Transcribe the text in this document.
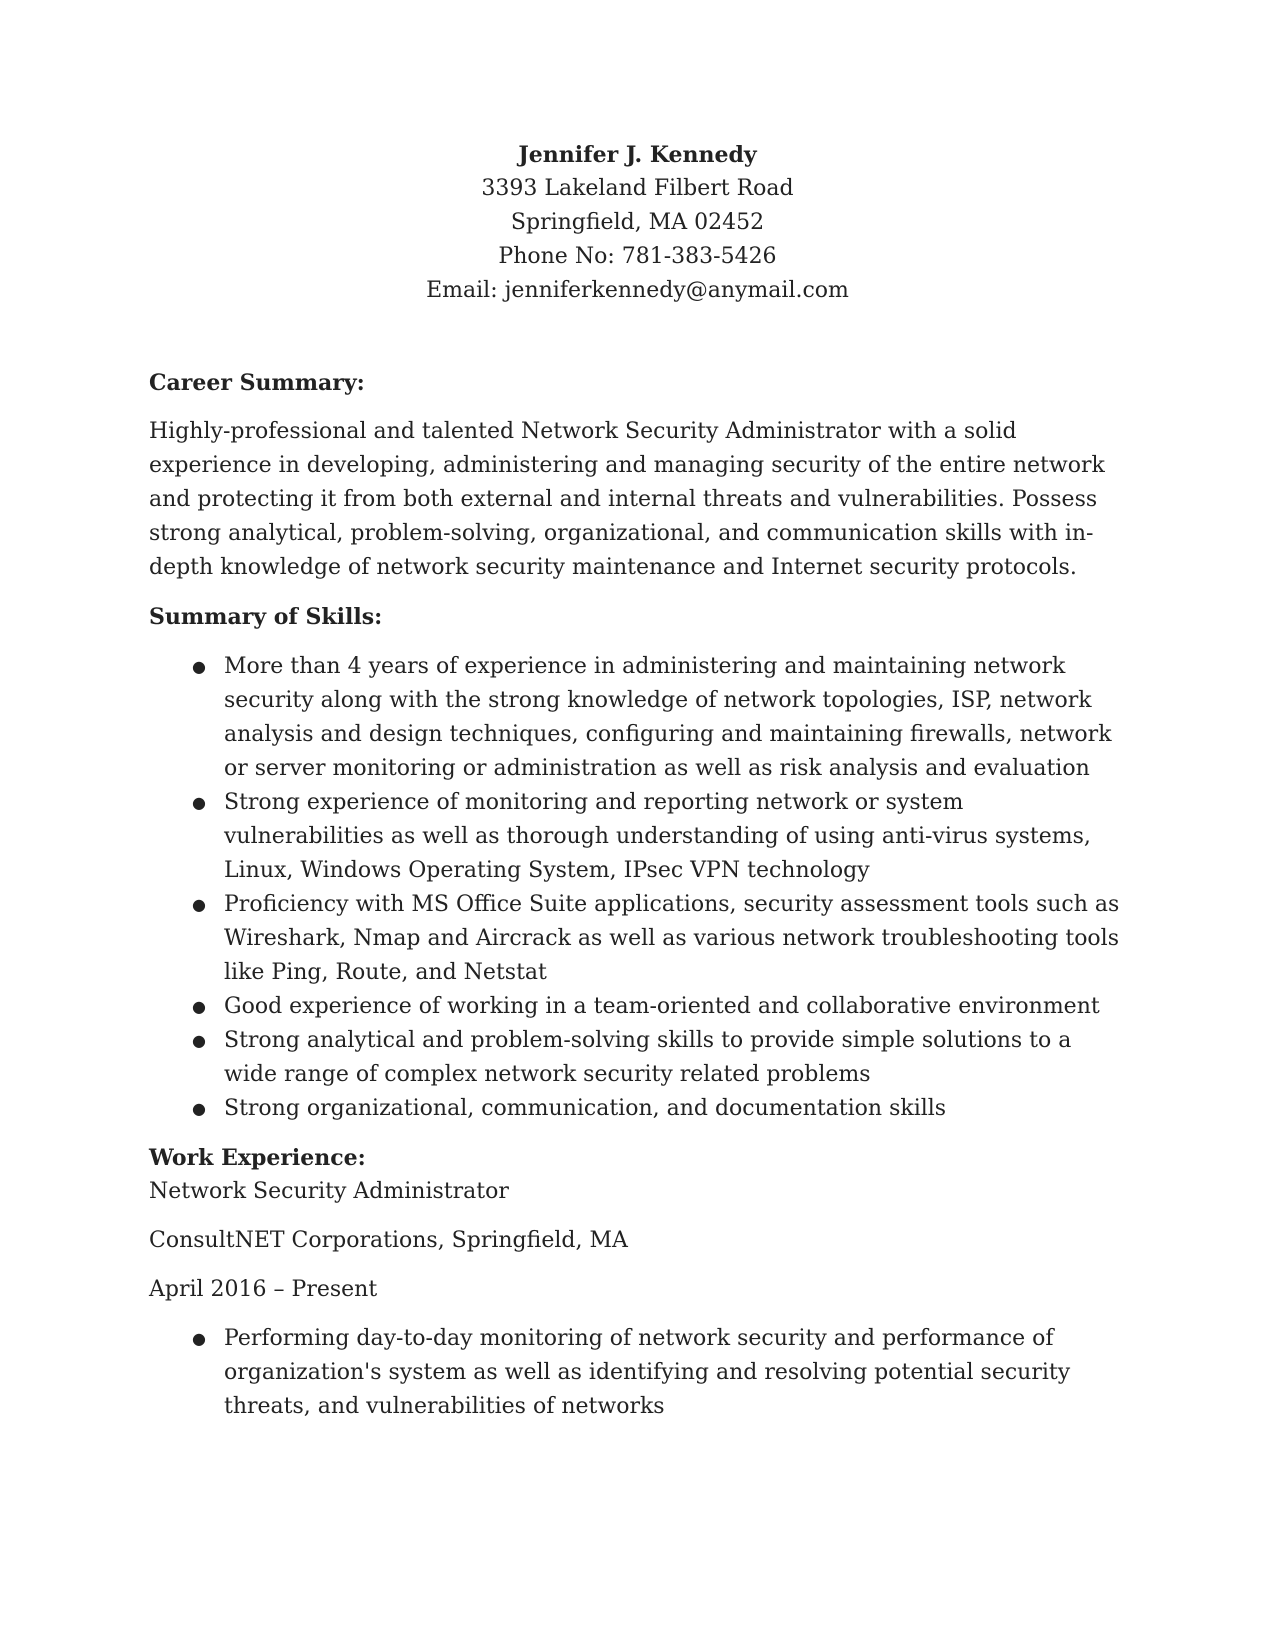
Jennifer J. Kennedy
3393 Lakeland Filbert Road
Springfield, MA 02452
Phone No: 781-383-5426
Email: jenniferkennedy@anymail.com

Career Summary:

Highly-professional and talented Network Security Administrator with a solid experience in developing, administering and managing security of the entire network and protecting it from both external and internal threats and vulnerabilities. Possess strong analytical, problem-solving, organizational, and communication skills with in-depth knowledge of network security maintenance and Internet security protocols.

Summary of Skills:

● More than 4 years of experience in administering and maintaining network security along with the strong knowledge of network topologies, ISP, network analysis and design techniques, configuring and maintaining firewalls, network or server monitoring or administration as well as risk analysis and evaluation
● Strong experience of monitoring and reporting network or system vulnerabilities as well as thorough understanding of using anti-virus systems, Linux, Windows Operating System, IPsec VPN technology
● Proficiency with MS Office Suite applications, security assessment tools such as Wireshark, Nmap and Aircrack as well as various network troubleshooting tools like Ping, Route, and Netstat
● Good experience of working in a team-oriented and collaborative environment
● Strong analytical and problem-solving skills to provide simple solutions to a wide range of complex network security related problems
● Strong organizational, communication, and documentation skills

Work Experience:

Network Security Administrator

ConsultNET Corporations, Springfield, MA

April 2016 – Present

● Performing day-to-day monitoring of network security and performance of organization's system as well as identifying and resolving potential security threats, and vulnerabilities of networks
